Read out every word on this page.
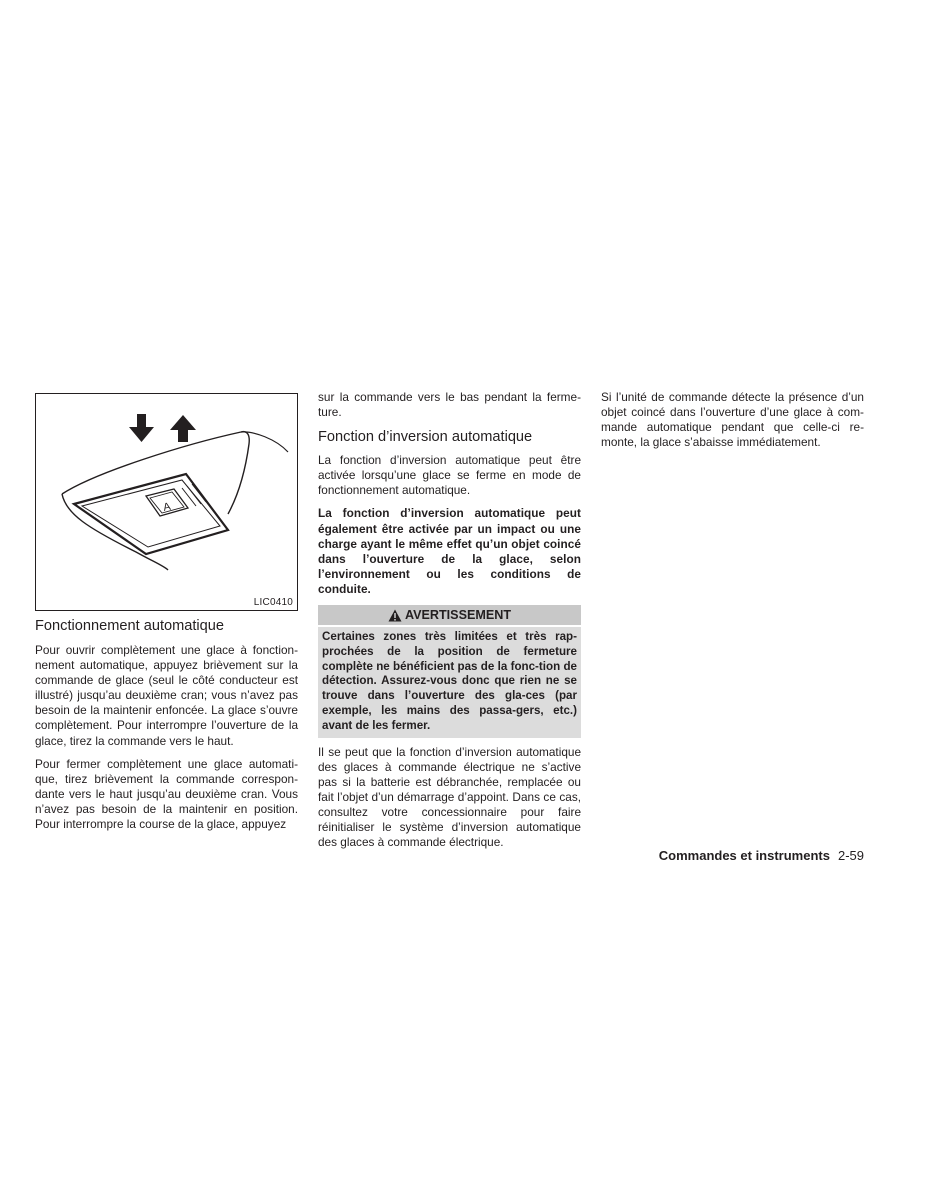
A
LIC0410
Fonctionnement automatique

Pour ouvrir complètement une glace à fonction-nement automatique, appuyez brièvement sur la commande de glace (seul le côté conducteur est illustré) jusqu’au deuxième cran; vous n’avez pas besoin de la maintenir enfoncée. La glace s’ouvre complètement. Pour interrompre l’ouverture de la glace, tirez la commande vers le haut.

Pour fermer complètement une glace automati-que, tirez brièvement la commande correspon-dante vers le haut jusqu’au deuxième cran. Vous n’avez pas besoin de la maintenir en position. Pour interrompre la course de la glace, appuyez

sur la commande vers le bas pendant la ferme-ture.

Fonction d’inversion automatique

La fonction d’inversion automatique peut être activée lorsqu’une glace se ferme en mode de fonctionnement automatique.

La fonction d’inversion automatique peut également être activée par un impact ou une charge ayant le même effet qu’un objet coincé dans l’ouverture de la glace, selon l’environnement ou les conditions de conduite.

AVERTISSEMENT

Certaines zones très limitées et très rap-prochées de la position de fermeture complète ne bénéficient pas de la fonc-tion de détection. Assurez-vous donc que rien ne se trouve dans l’ouverture des gla-ces (par exemple, les mains des passa-gers, etc.) avant de les fermer.

Il se peut que la fonction d’inversion automatique des glaces à commande électrique ne s’active pas si la batterie est débranchée, remplacée ou fait l’objet d’un démarrage d’appoint. Dans ce cas, consultez votre concessionnaire pour faire réinitialiser le système d’inversion automatique des glaces à commande électrique.

Si l’unité de commande détecte la présence d’un objet coincé dans l’ouverture d’une glace à com-mande automatique pendant que celle-ci re-monte, la glace s’abaisse immédiatement.

Commandes et instruments 2-59
